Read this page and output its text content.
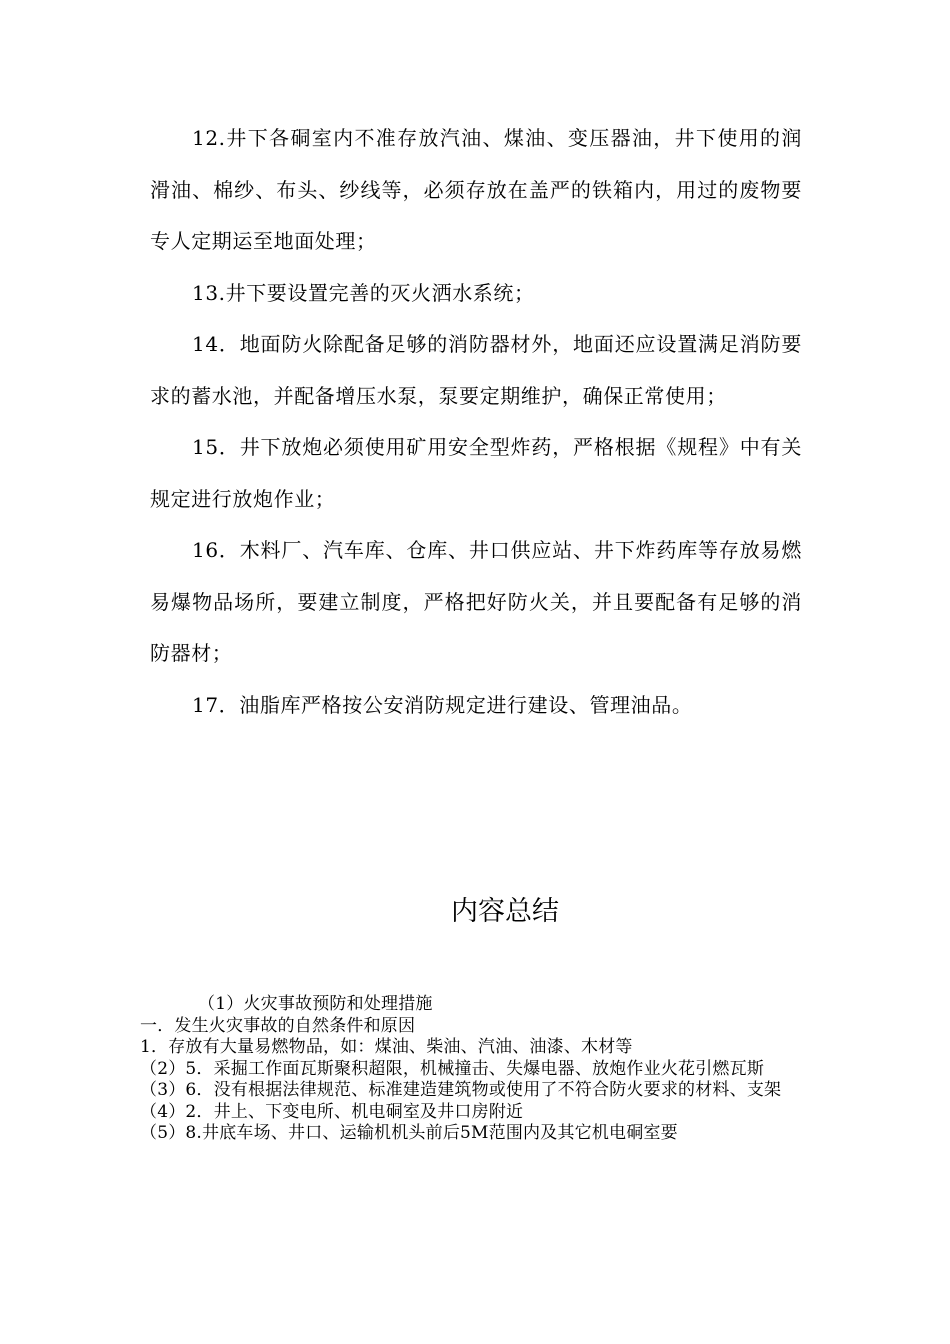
12.井下各硐室内不准存放汽油、煤油、变压器油，井下使用的润滑油、棉纱、布头、纱线等，必须存放在盖严的铁箱内，用过的废物要专人定期运至地面处理；

13.井下要设置完善的灭火洒水系统；

14．地面防火除配备足够的消防器材外，地面还应设置满足消防要求的蓄水池，并配备增压水泵，泵要定期维护，确保正常使用；

15．井下放炮必须使用矿用安全型炸药，严格根据《规程》中有关规定进行放炮作业；

16．木料厂、汽车库、仓库、井口供应站、井下炸药库等存放易燃易爆物品场所，要建立制度，严格把好防火关，并且要配备有足够的消防器材；

17．油脂库严格按公安消防规定进行建设、管理油品。

内容总结

（1）火灾事故预防和处理措施

一．发生火灾事故的自然条件和原因

1．存放有大量易燃物品，如：煤油、柴油、汽油、油漆、木材等

（2）5．采掘工作面瓦斯聚积超限，机械撞击、失爆电器、放炮作业火花引燃瓦斯

（3）6．没有根据法律规范、标准建造建筑物或使用了不符合防火要求的材料、支架

（4）2．井上、下变电所、机电硐室及井口房附近

（5）8.井底车场、井口、运输机机头前后5M范围内及其它机电硐室要
